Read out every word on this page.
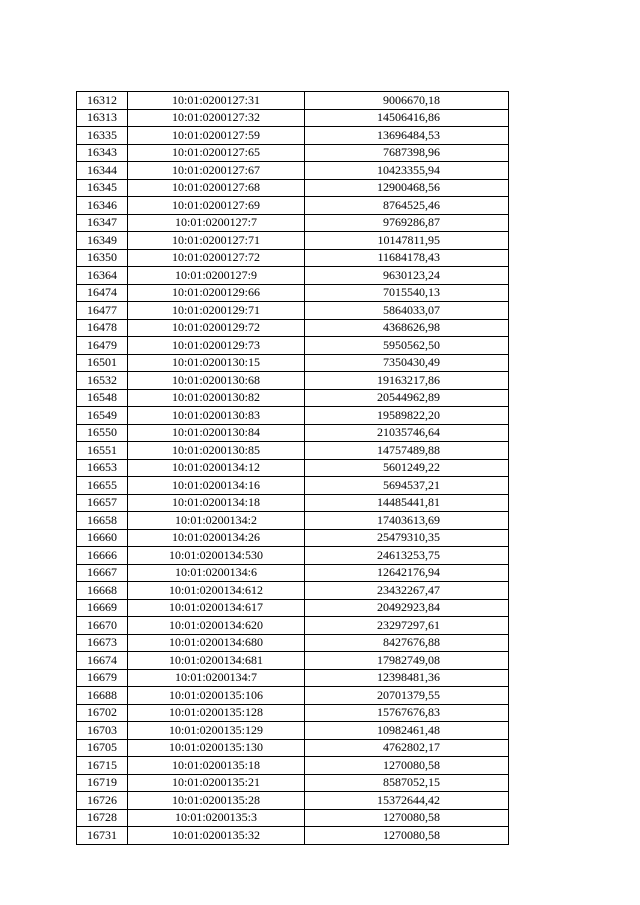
16312	10:01:0200127:31	9006670,18
16313	10:01:0200127:32	14506416,86
16335	10:01:0200127:59	13696484,53
16343	10:01:0200127:65	7687398,96
16344	10:01:0200127:67	10423355,94
16345	10:01:0200127:68	12900468,56
16346	10:01:0200127:69	8764525,46
16347	10:01:0200127:7	9769286,87
16349	10:01:0200127:71	10147811,95
16350	10:01:0200127:72	11684178,43
16364	10:01:0200127:9	9630123,24
16474	10:01:0200129:66	7015540,13
16477	10:01:0200129:71	5864033,07
16478	10:01:0200129:72	4368626,98
16479	10:01:0200129:73	5950562,50
16501	10:01:0200130:15	7350430,49
16532	10:01:0200130:68	19163217,86
16548	10:01:0200130:82	20544962,89
16549	10:01:0200130:83	19589822,20
16550	10:01:0200130:84	21035746,64
16551	10:01:0200130:85	14757489,88
16653	10:01:0200134:12	5601249,22
16655	10:01:0200134:16	5694537,21
16657	10:01:0200134:18	14485441,81
16658	10:01:0200134:2	17403613,69
16660	10:01:0200134:26	25479310,35
16666	10:01:0200134:530	24613253,75
16667	10:01:0200134:6	12642176,94
16668	10:01:0200134:612	23432267,47
16669	10:01:0200134:617	20492923,84
16670	10:01:0200134:620	23297297,61
16673	10:01:0200134:680	8427676,88
16674	10:01:0200134:681	17982749,08
16679	10:01:0200134:7	12398481,36
16688	10:01:0200135:106	20701379,55
16702	10:01:0200135:128	15767676,83
16703	10:01:0200135:129	10982461,48
16705	10:01:0200135:130	4762802,17
16715	10:01:0200135:18	1270080,58
16719	10:01:0200135:21	8587052,15
16726	10:01:0200135:28	15372644,42
16728	10:01:0200135:3	1270080,58
16731	10:01:0200135:32	1270080,58
